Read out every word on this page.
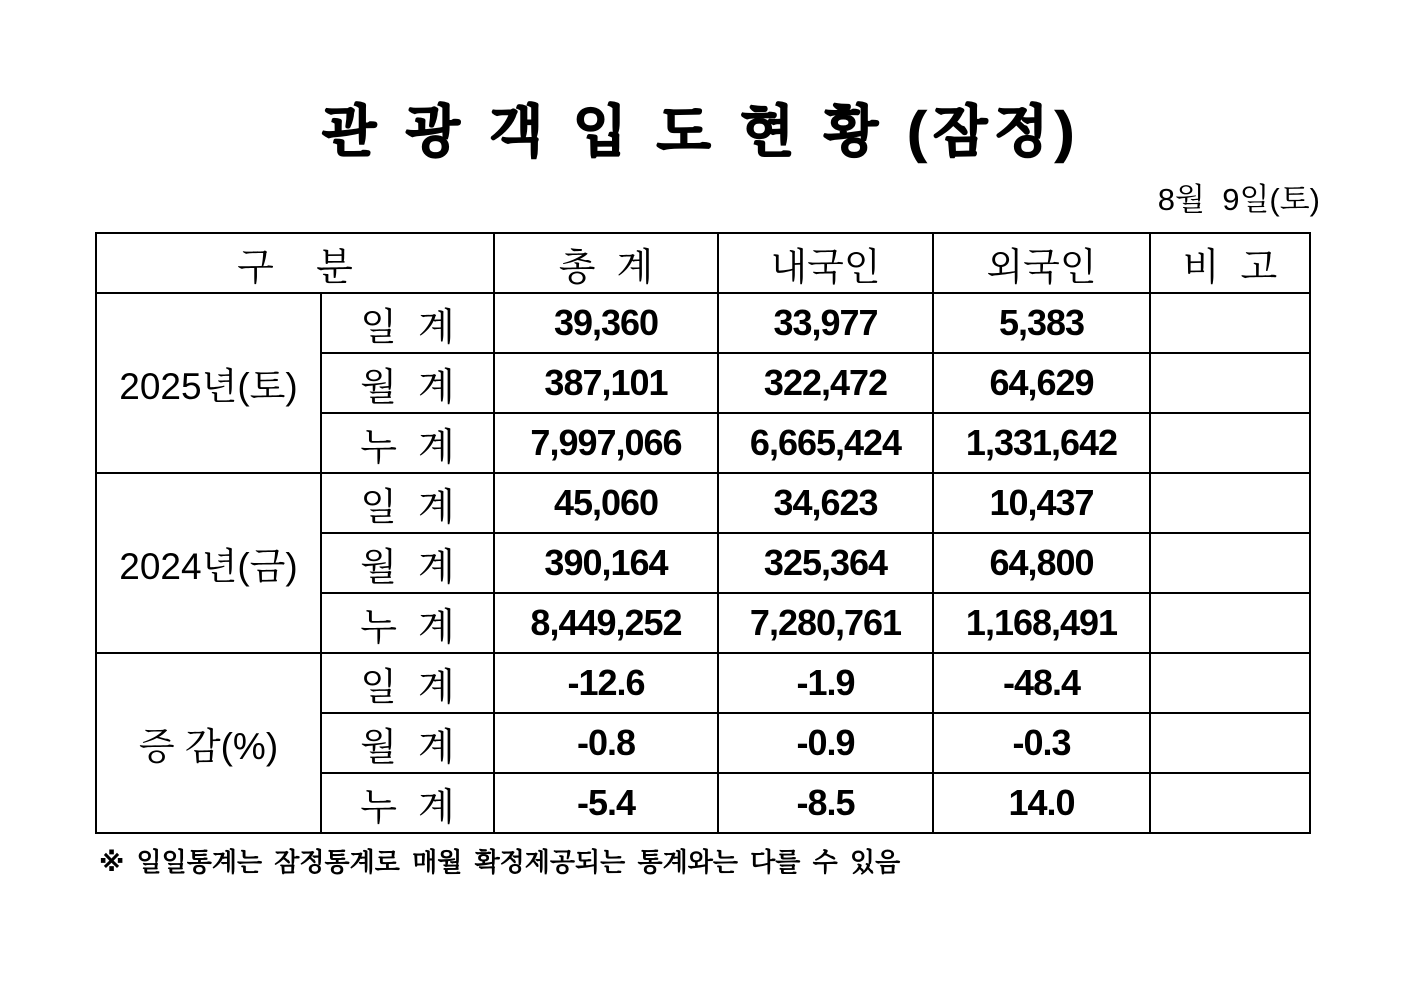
관 광 객 입 도 현 황 (잠정)
8월  9일(토)
구    분		총  계	내국인	외국인	비  고
2025년(토)	일  계	39,360	33,977	5,383	
	월  계	387,101	322,472	64,629	
	누  계	7,997,066	6,665,424	1,331,642	
2024년(금)	일  계	45,060	34,623	10,437	
	월  계	390,164	325,364	64,800	
	누  계	8,449,252	7,280,761	1,168,491	
증 감(%)	일  계	-12.6	-1.9	-48.4	
	월  계	-0.8	-0.9	-0.3	
	누  계	-5.4	-8.5	14.0	
※ 일일통계는 잠정통계로 매월 확정제공되는 통계와는 다를 수 있음
